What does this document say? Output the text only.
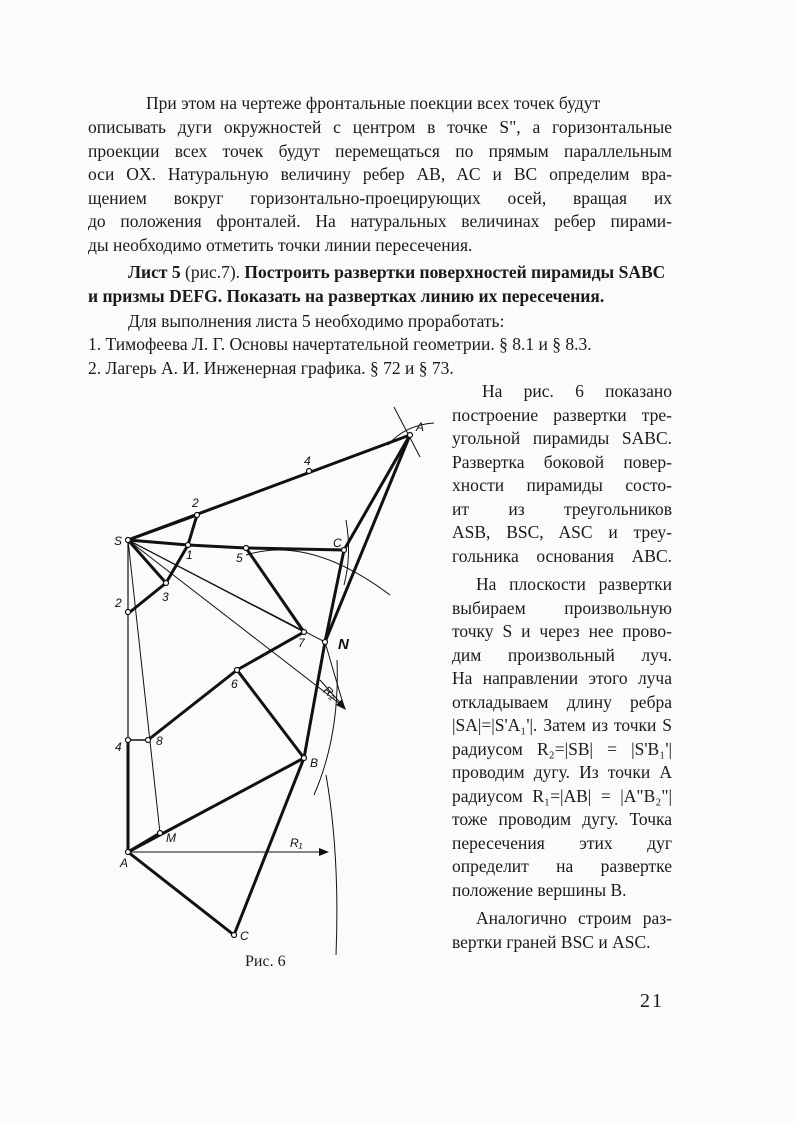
При этом на чертеже фронтальные поекции всех точек будут
описывать дуги окружностей с центром в точке S", а горизонтальные
проекции всех точек будут перемещаться по прямым параллельным
оси OX. Натуральную величину ребер AB, AC и BC определим вра-
щением вокруг горизонтально-проецирующих осей, вращая их
до положения фронталей. На натуральных величинах ребер пирами-
ды необходимо отметить точки линии пересечения.
Лист 5 (рис.7). Построить развертки поверхностей пирамиды SABC
и призмы DEFG. Показать на развертках линию их пересечения.
Для выполнения листа 5 необходимо проработать:
1. Тимофеева Л. Г. Основы начертательной геометрии. § 8.1 и § 8.3.
2. Лагерь А. И. Инженерная графика. § 72 и § 73.
На рис. 6 показано
построение развертки тре-
угольной пирамиды SABC.
Развертка боковой повер-
хности пирамиды состо-
ит из треугольников
ASB, BSC, ASC и треу-
гольника основания ABC.
На плоскости развертки
выбираем произвольную
точку S и через нее прово-
дим произвольный луч.
На направлении этого луча
откладываем длину ребра
|SA|=|S'A₁'|. Затем из точки S
радиусом R₂=|SB| = |S'B₁'|
проводим дугу. Из точки A
радиусом R₁=|AB| = |A"B₂"|
тоже проводим дугу. Точка
пересечения этих дуг
определит на развертке
положение вершины B.
Аналогично строим раз-
вертки граней BSC и ASC.
S
A
4
2
1	5
C
3
2
7 N
6	R₂
4	8
B
M	R₁
A
C
Рис. 6
21
